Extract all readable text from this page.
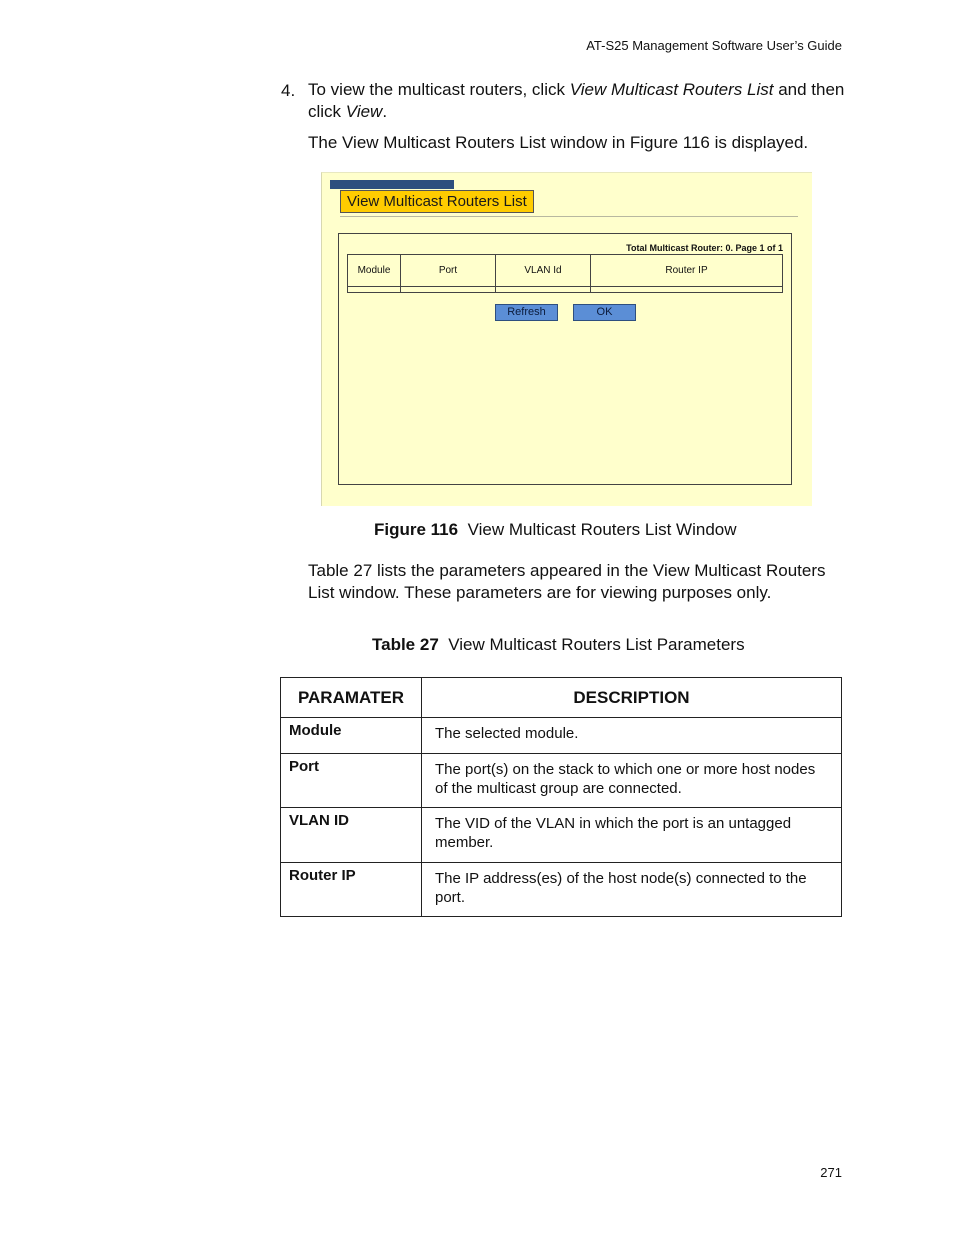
AT-S25 Management Software User’s Guide
4. To view the multicast routers, click View Multicast Routers List and then click View.
The View Multicast Routers List window in Figure 116 is displayed.
View Multicast Routers List
Total Multicast Router: 0. Page 1 of 1
Module	Port	VLAN Id	Router IP

Refresh	OK
Figure 116 View Multicast Routers List Window
Table 27 lists the parameters appeared in the View Multicast Routers List window. These parameters are for viewing purposes only.
Table 27 View Multicast Routers List Parameters
PARAMATER	DESCRIPTION
Module	The selected module.
Port	The port(s) on the stack to which one or more host nodes of the multicast group are connected.
VLAN ID	The VID of the VLAN in which the port is an untagged member.
Router IP	The IP address(es) of the host node(s) connected to the port.
271
